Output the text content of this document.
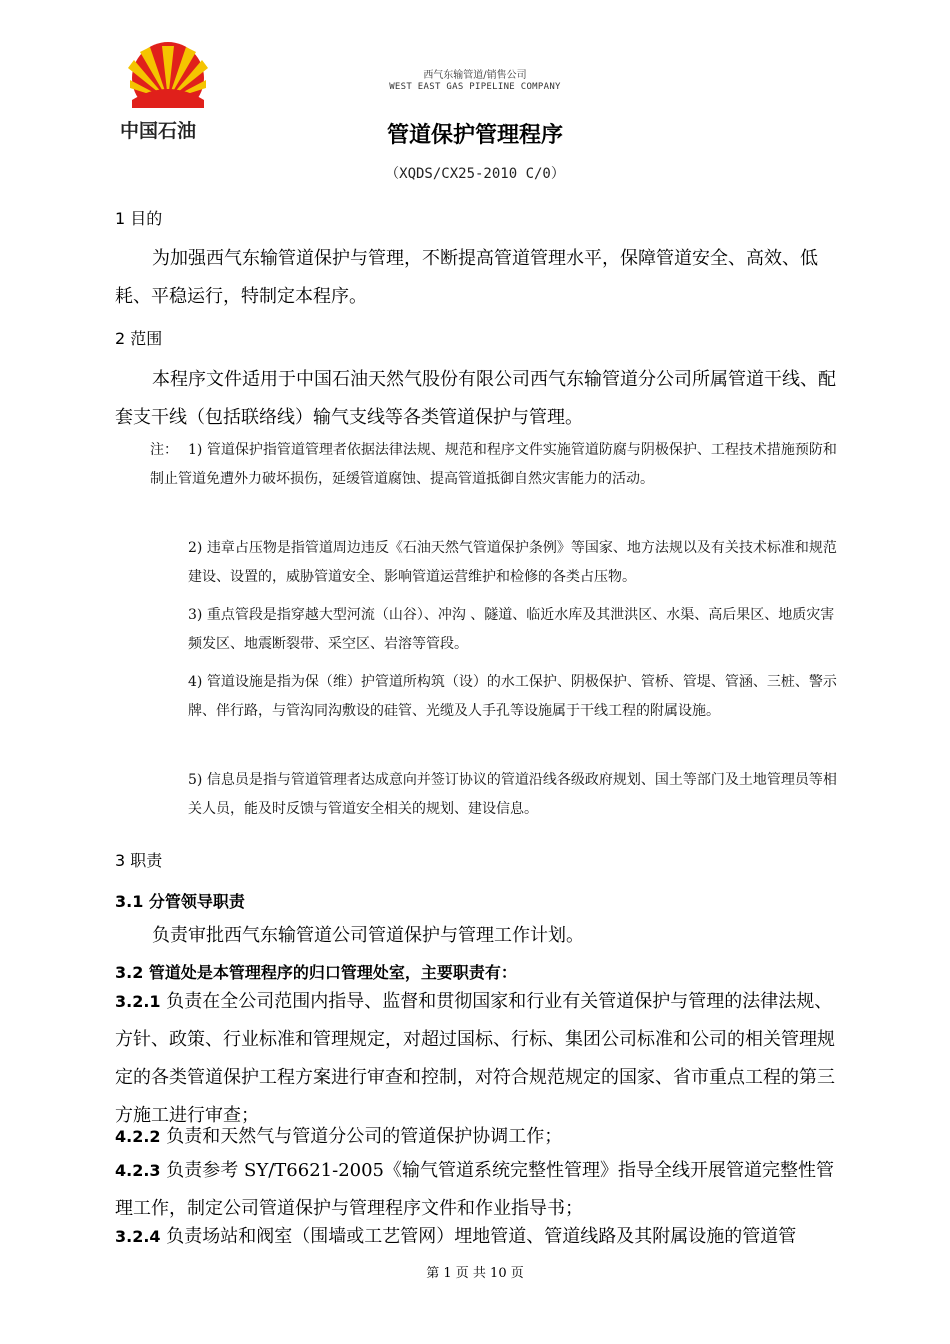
中国石油
西气东输管道/销售公司
WEST EAST GAS PIPELINE COMPANY
管道保护管理程序
（XQDS/CX25-2010 C/0）
1 目的

为加强西气东输管道保护与管理，不断提高管道管理水平，保障管道安全、高效、低耗、平稳运行，特制定本程序。

2 范围

本程序文件适用于中国石油天然气股份有限公司西气东输管道分公司所属管道干线、配套支干线（包括联络线）输气支线等各类管道保护与管理。

注： 1) 管道保护指管道管理者依据法律法规、规范和程序文件实施管道防腐与阴极保护、工程技术措施预防和制止管道免遭外力破坏损伤，延缓管道腐蚀、提高管道抵御自然灾害能力的活动。

2) 违章占压物是指管道周边违反《石油天然气管道保护条例》等国家、地方法规以及有关技术标准和规范建设、设置的，威胁管道安全、影响管道运营维护和检修的各类占压物。

3) 重点管段是指穿越大型河流（山谷）、冲沟 、隧道、临近水库及其泄洪区、水渠、高后果区、地质灾害频发区、地震断裂带、采空区、岩溶等管段。

4) 管道设施是指为保（维）护管道所构筑（设）的水工保护、阴极保护、管桥、管堤、管涵、三桩、警示牌、伴行路，与管沟同沟敷设的硅管、光缆及人手孔等设施属于干线工程的附属设施。

5) 信息员是指与管道管理者达成意向并签订协议的管道沿线各级政府规划、国土等部门及土地管理员等相关人员，能及时反馈与管道安全相关的规划、建设信息。

3 职责
3.1 分管领导职责

负责审批西气东输管道公司管道保护与管理工作计划。

3.2 管道处是本管理程序的归口管理处室，主要职责有：

3.2.1 负责在全公司范围内指导、监督和贯彻国家和行业有关管道保护与管理的法律法规、方针、政策、行业标准和管理规定，对超过国标、行标、集团公司标准和公司的相关管理规定的各类管道保护工程方案进行审查和控制，对符合规范规定的国家、省市重点工程的第三方施工进行审查；

4.2.2 负责和天然气与管道分公司的管道保护协调工作；

4.2.3 负责参考 SY/T6621-2005《输气管道系统完整性管理》指导全线开展管道完整性管理工作，制定公司管道保护与管理程序文件和作业指导书；

3.2.4 负责场站和阀室（围墙或工艺管网）埋地管道、管道线路及其附属设施的管道管

第 1 页 共 10 页
